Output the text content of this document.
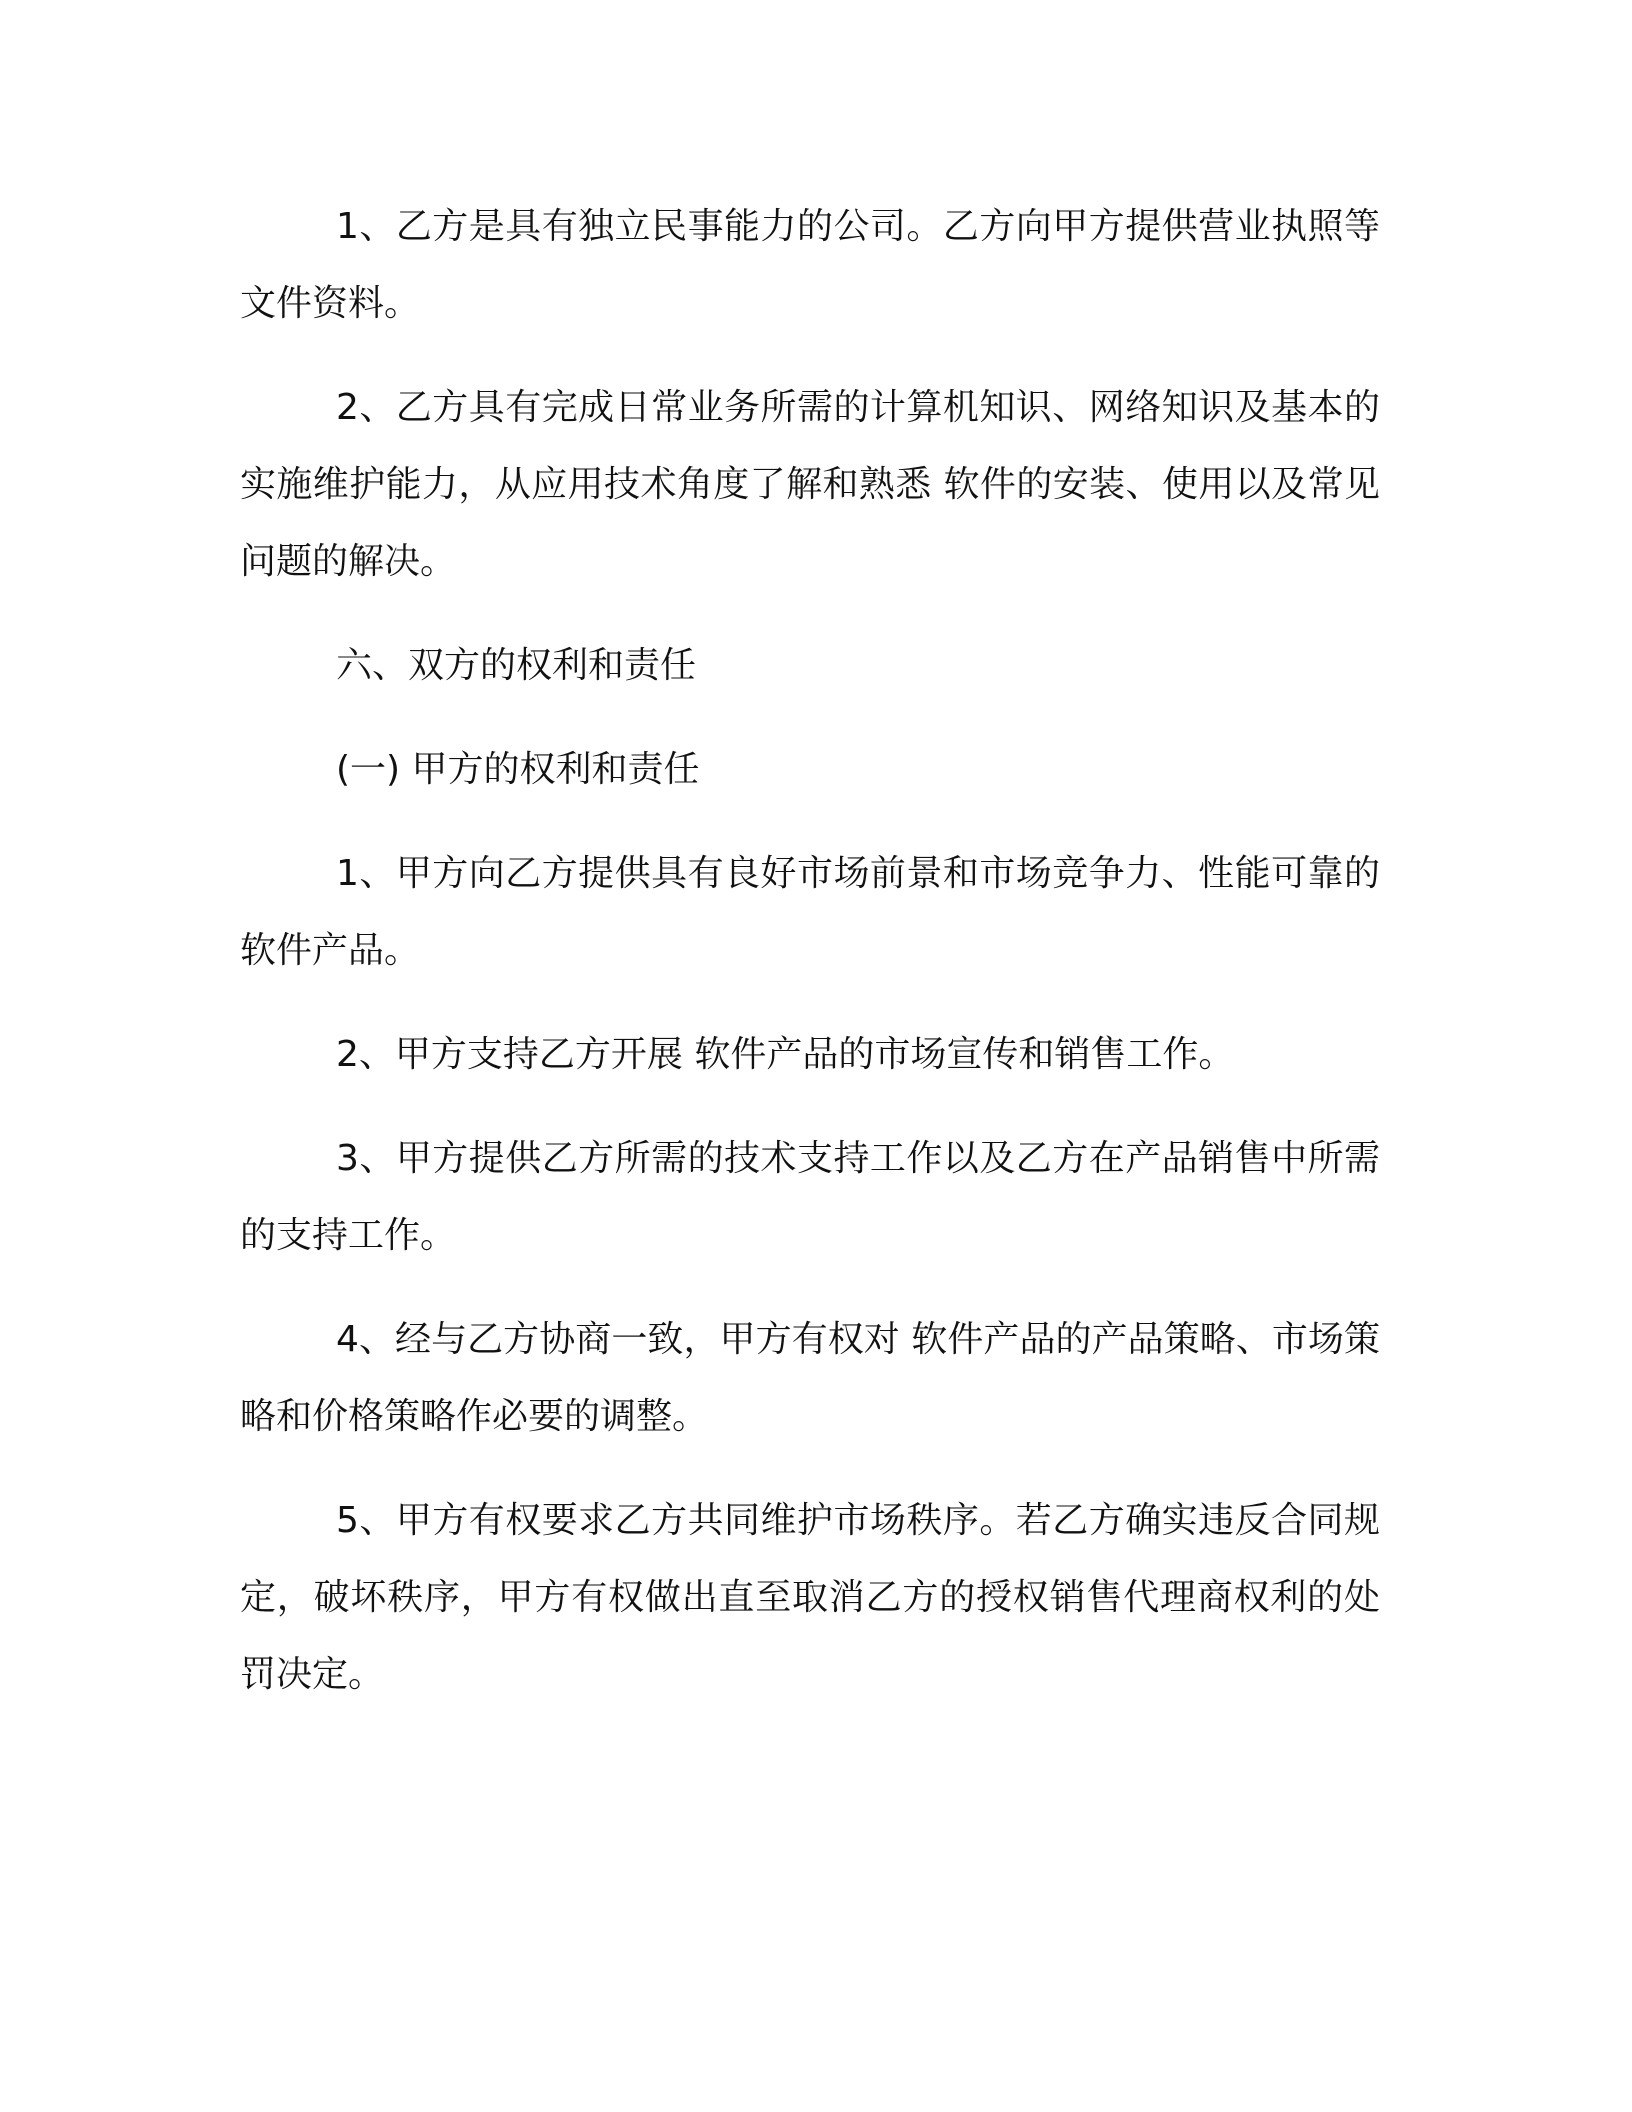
1、乙方是具有独立民事能力的公司。乙方向甲方提供营业执照等文件资料。

2、乙方具有完成日常业务所需的计算机知识、网络知识及基本的实施维护能力，从应用技术角度了解和熟悉 软件的安装、使用以及常见问题的解决。

六、双方的权利和责任

(一) 甲方的权利和责任

1、甲方向乙方提供具有良好市场前景和市场竞争力、性能可靠的 软件产品。

2、甲方支持乙方开展 软件产品的市场宣传和销售工作。

3、甲方提供乙方所需的技术支持工作以及乙方在产品销售中所需的支持工作。

4、经与乙方协商一致，甲方有权对 软件产品的产品策略、市场策略和价格策略作必要的调整。

5、甲方有权要求乙方共同维护市场秩序。若乙方确实违反合同规定，破坏秩序，甲方有权做出直至取消乙方的授权销售代理商权利的处罚决定。
